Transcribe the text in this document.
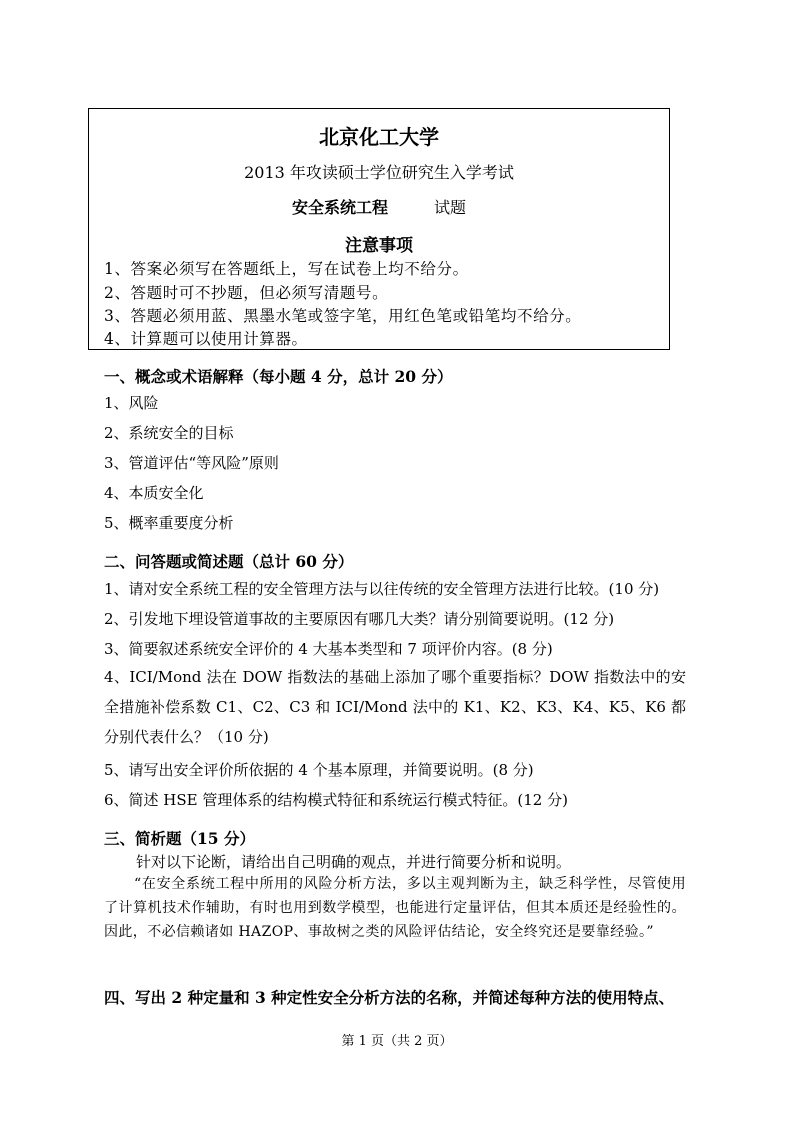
北京化工大学
2013 年攻读硕士学位研究生入学考试
安全系统工程	试题
注意事项
1、答案必须写在答题纸上，写在试卷上均不给分。
2、答题时可不抄题，但必须写清题号。
3、答题必须用蓝、黑墨水笔或签字笔，用红色笔或铅笔均不给分。
4、计算题可以使用计算器。
一、概念或术语解释（每小题 4 分，总计 20 分）
1、风险
2、系统安全的目标
3、管道评估“等风险”原则
4、本质安全化
5、概率重要度分析
二、问答题或简述题（总计 60 分）
1、请对安全系统工程的安全管理方法与以往传统的安全管理方法进行比较。(10 分)
2、引发地下埋设管道事故的主要原因有哪几大类？请分别简要说明。(12 分)
3、简要叙述系统安全评价的 4 大基本类型和 7 项评价内容。(8 分)
4、ICI/Mond 法在 DOW 指数法的基础上添加了哪个重要指标？DOW 指数法中的安全措施补偿系数 C1、C2、C3 和 ICI/Mond 法中的 K1、K2、K3、K4、K5、K6 都分别代表什么？（10 分)
5、请写出安全评价所依据的 4 个基本原理，并简要说明。(8 分)
6、简述 HSE 管理体系的结构模式特征和系统运行模式特征。(12 分)
三、简析题（15 分）
针对以下论断，请给出自己明确的观点，并进行简要分析和说明。
“在安全系统工程中所用的风险分析方法，多以主观判断为主，缺乏科学性，尽管使用了计算机技术作辅助，有时也用到数学模型，也能进行定量评估，但其本质还是经验性的。因此，不必信赖诸如 HAZOP、事故树之类的风险评估结论，安全终究还是要靠经验。”
四、写出 2 种定量和 3 种定性安全分析方法的名称，并简述每种方法的使用特点、
第 1 页（共 2 页）
